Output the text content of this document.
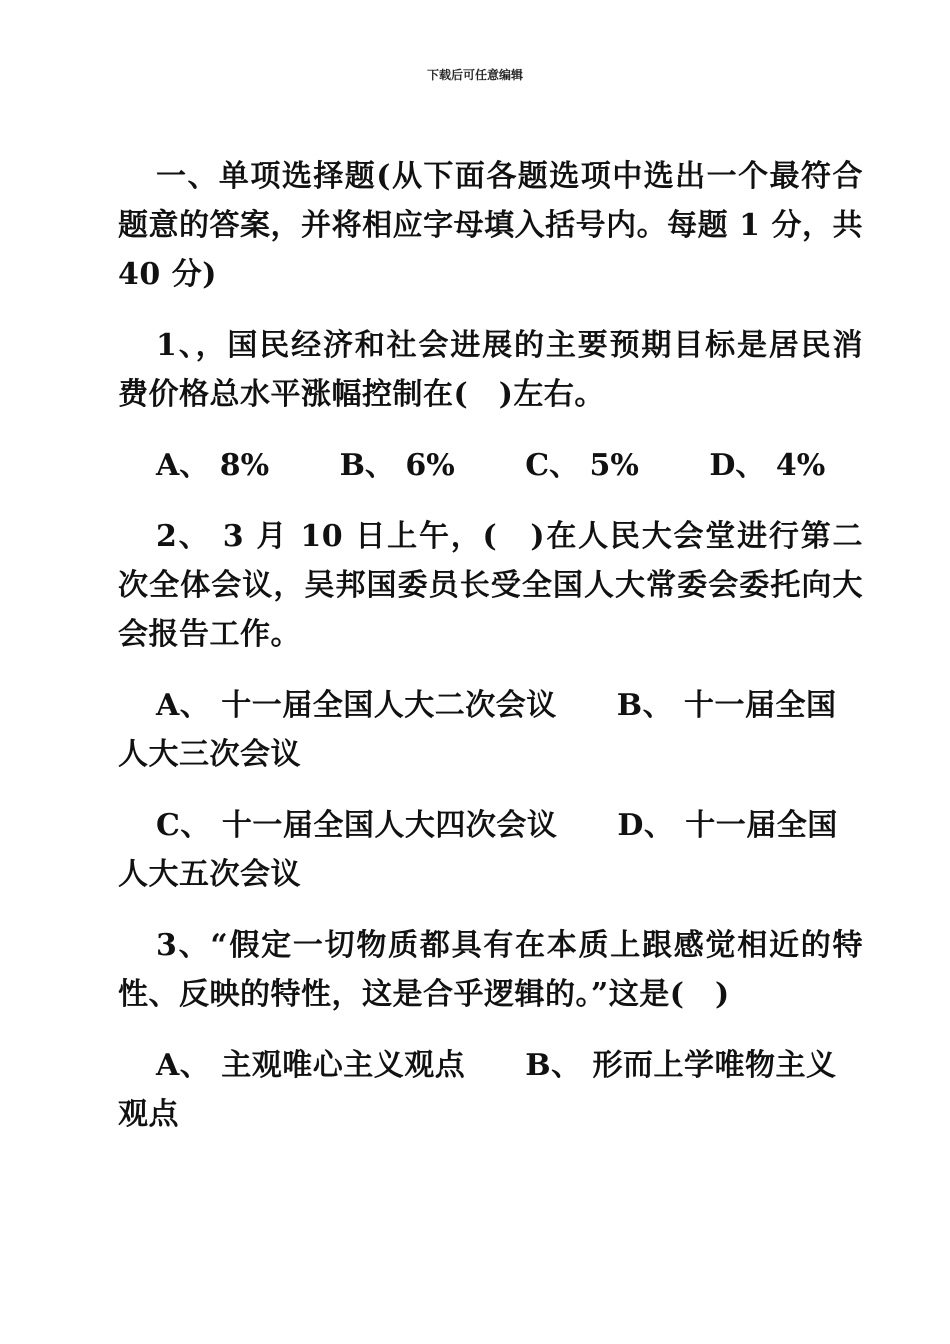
下载后可任意编辑

一、单项选择题(从下面各题选项中选出一个最符合题意的答案，并将相应字母填入括号内。每题 1 分，共 40 分)

1、，国民经济和社会进展的主要预期目标是居民消费价格总水平涨幅控制在(　)左右。

A、 8% B、 6% C、 5% D、 4%

2、 3 月 10 日上午，(　)在人民大会堂进行第二次全体会议，吴邦国委员长受全国人大常委会委托向大会报告工作。

A、 十一届全国人大二次会议 B、 十一届全国人大三次会议

C、 十一届全国人大四次会议 D、 十一届全国人大五次会议

3、“假定一切物质都具有在本质上跟感觉相近的特性、反映的特性，这是合乎逻辑的。”这是(　)

A、 主观唯心主义观点 B、 形而上学唯物主义观点
